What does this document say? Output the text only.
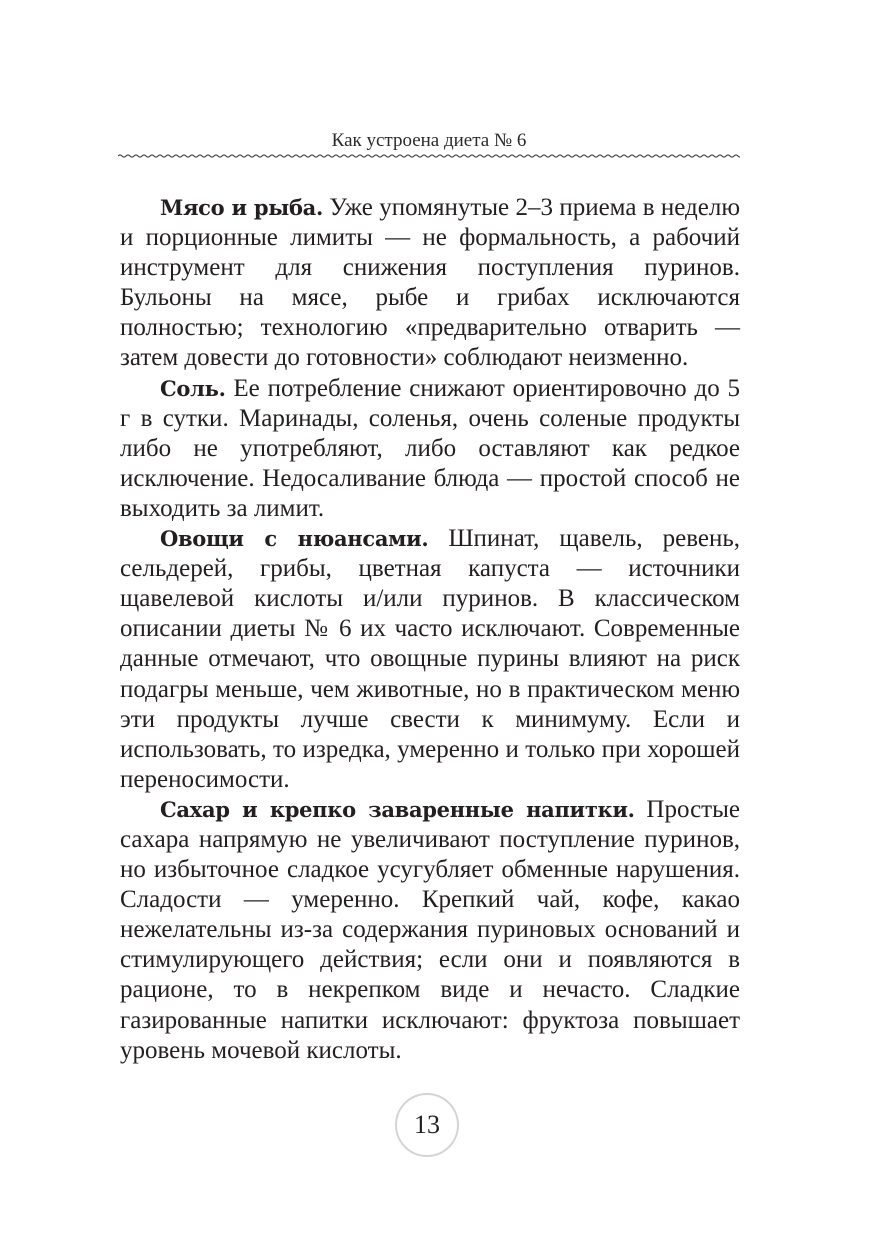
Как устроена диета № 6

Мясо и рыба. Уже упомянутые 2–3 приема в неделю и порционные лимиты — не формальность, а рабочий инструмент для снижения поступления пуринов. Бульоны на мясе, рыбе и грибах исключаются полностью; технологию «предварительно отварить — затем довести до готовности» соблюдают неизменно.

Соль. Ее потребление снижают ориентировочно до 5 г в сутки. Маринады, соленья, очень соленые продукты либо не употребляют, либо оставляют как редкое исключение. Недосаливание блюда — простой способ не выходить за лимит.

Овощи с нюансами. Шпинат, щавель, ревень, сельдерей, грибы, цветная капуста — источники щавелевой кислоты и/или пуринов. В классическом описании диеты № 6 их часто исключают. Современные данные отмечают, что овощные пурины влияют на риск подагры меньше, чем животные, но в практическом меню эти продукты лучше свести к минимуму. Если и использовать, то изредка, умеренно и только при хорошей переносимости.

Сахар и крепко заваренные напитки. Простые сахара напрямую не увеличивают поступление пуринов, но избыточное сладкое усугубляет обменные нарушения. Сладости — умеренно. Крепкий чай, кофе, какао нежелательны из-за содержания пуриновых оснований и стимулирующего действия; если они и появляются в рационе, то в некрепком виде и нечасто. Сладкие газированные напитки исключают: фруктоза повышает уровень мочевой кислоты.

13
